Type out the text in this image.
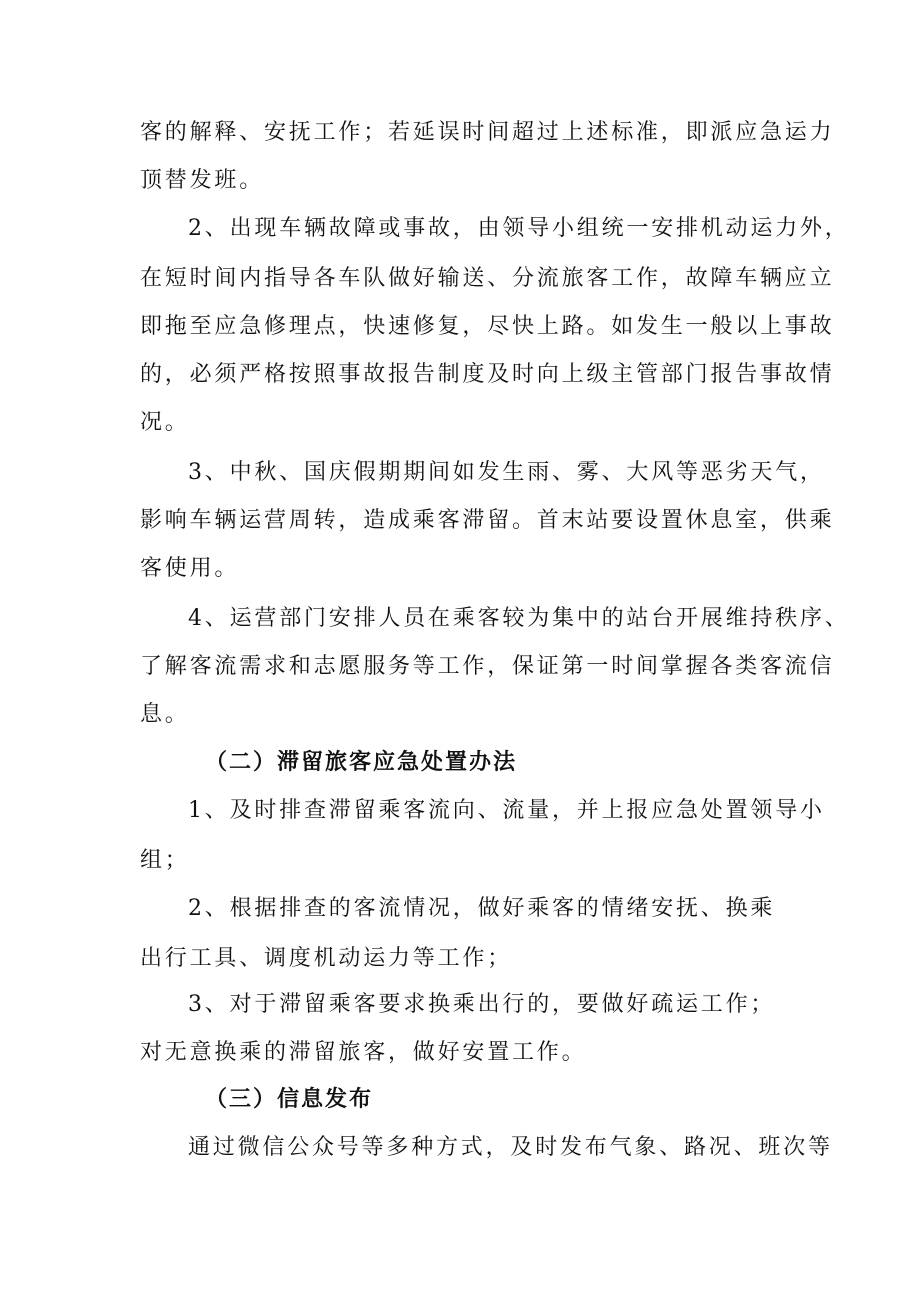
客的解释、安抚工作；若延误时间超过上述标准，即派应急运力
顶替发班。
2、出现车辆故障或事故，由领导小组统一安排机动运力外，
在短时间内指导各车队做好输送、分流旅客工作，故障车辆应立
即拖至应急修理点，快速修复，尽快上路。如发生一般以上事故
的，必须严格按照事故报告制度及时向上级主管部门报告事故情
况。
3、中秋、国庆假期期间如发生雨、雾、大风等恶劣天气，
影响车辆运营周转，造成乘客滞留。首末站要设置休息室，供乘
客使用。
4、运营部门安排人员在乘客较为集中的站台开展维持秩序、
了解客流需求和志愿服务等工作，保证第一时间掌握各类客流信
息。
（二）滞留旅客应急处置办法
1、及时排查滞留乘客流向、流量，并上报应急处置领导小
组；
2、根据排查的客流情况，做好乘客的情绪安抚、换乘
出行工具、调度机动运力等工作；
3、对于滞留乘客要求换乘出行的，要做好疏运工作；
对无意换乘的滞留旅客，做好安置工作。
（三）信息发布
通过微信公众号等多种方式，及时发布气象、路况、班次等
